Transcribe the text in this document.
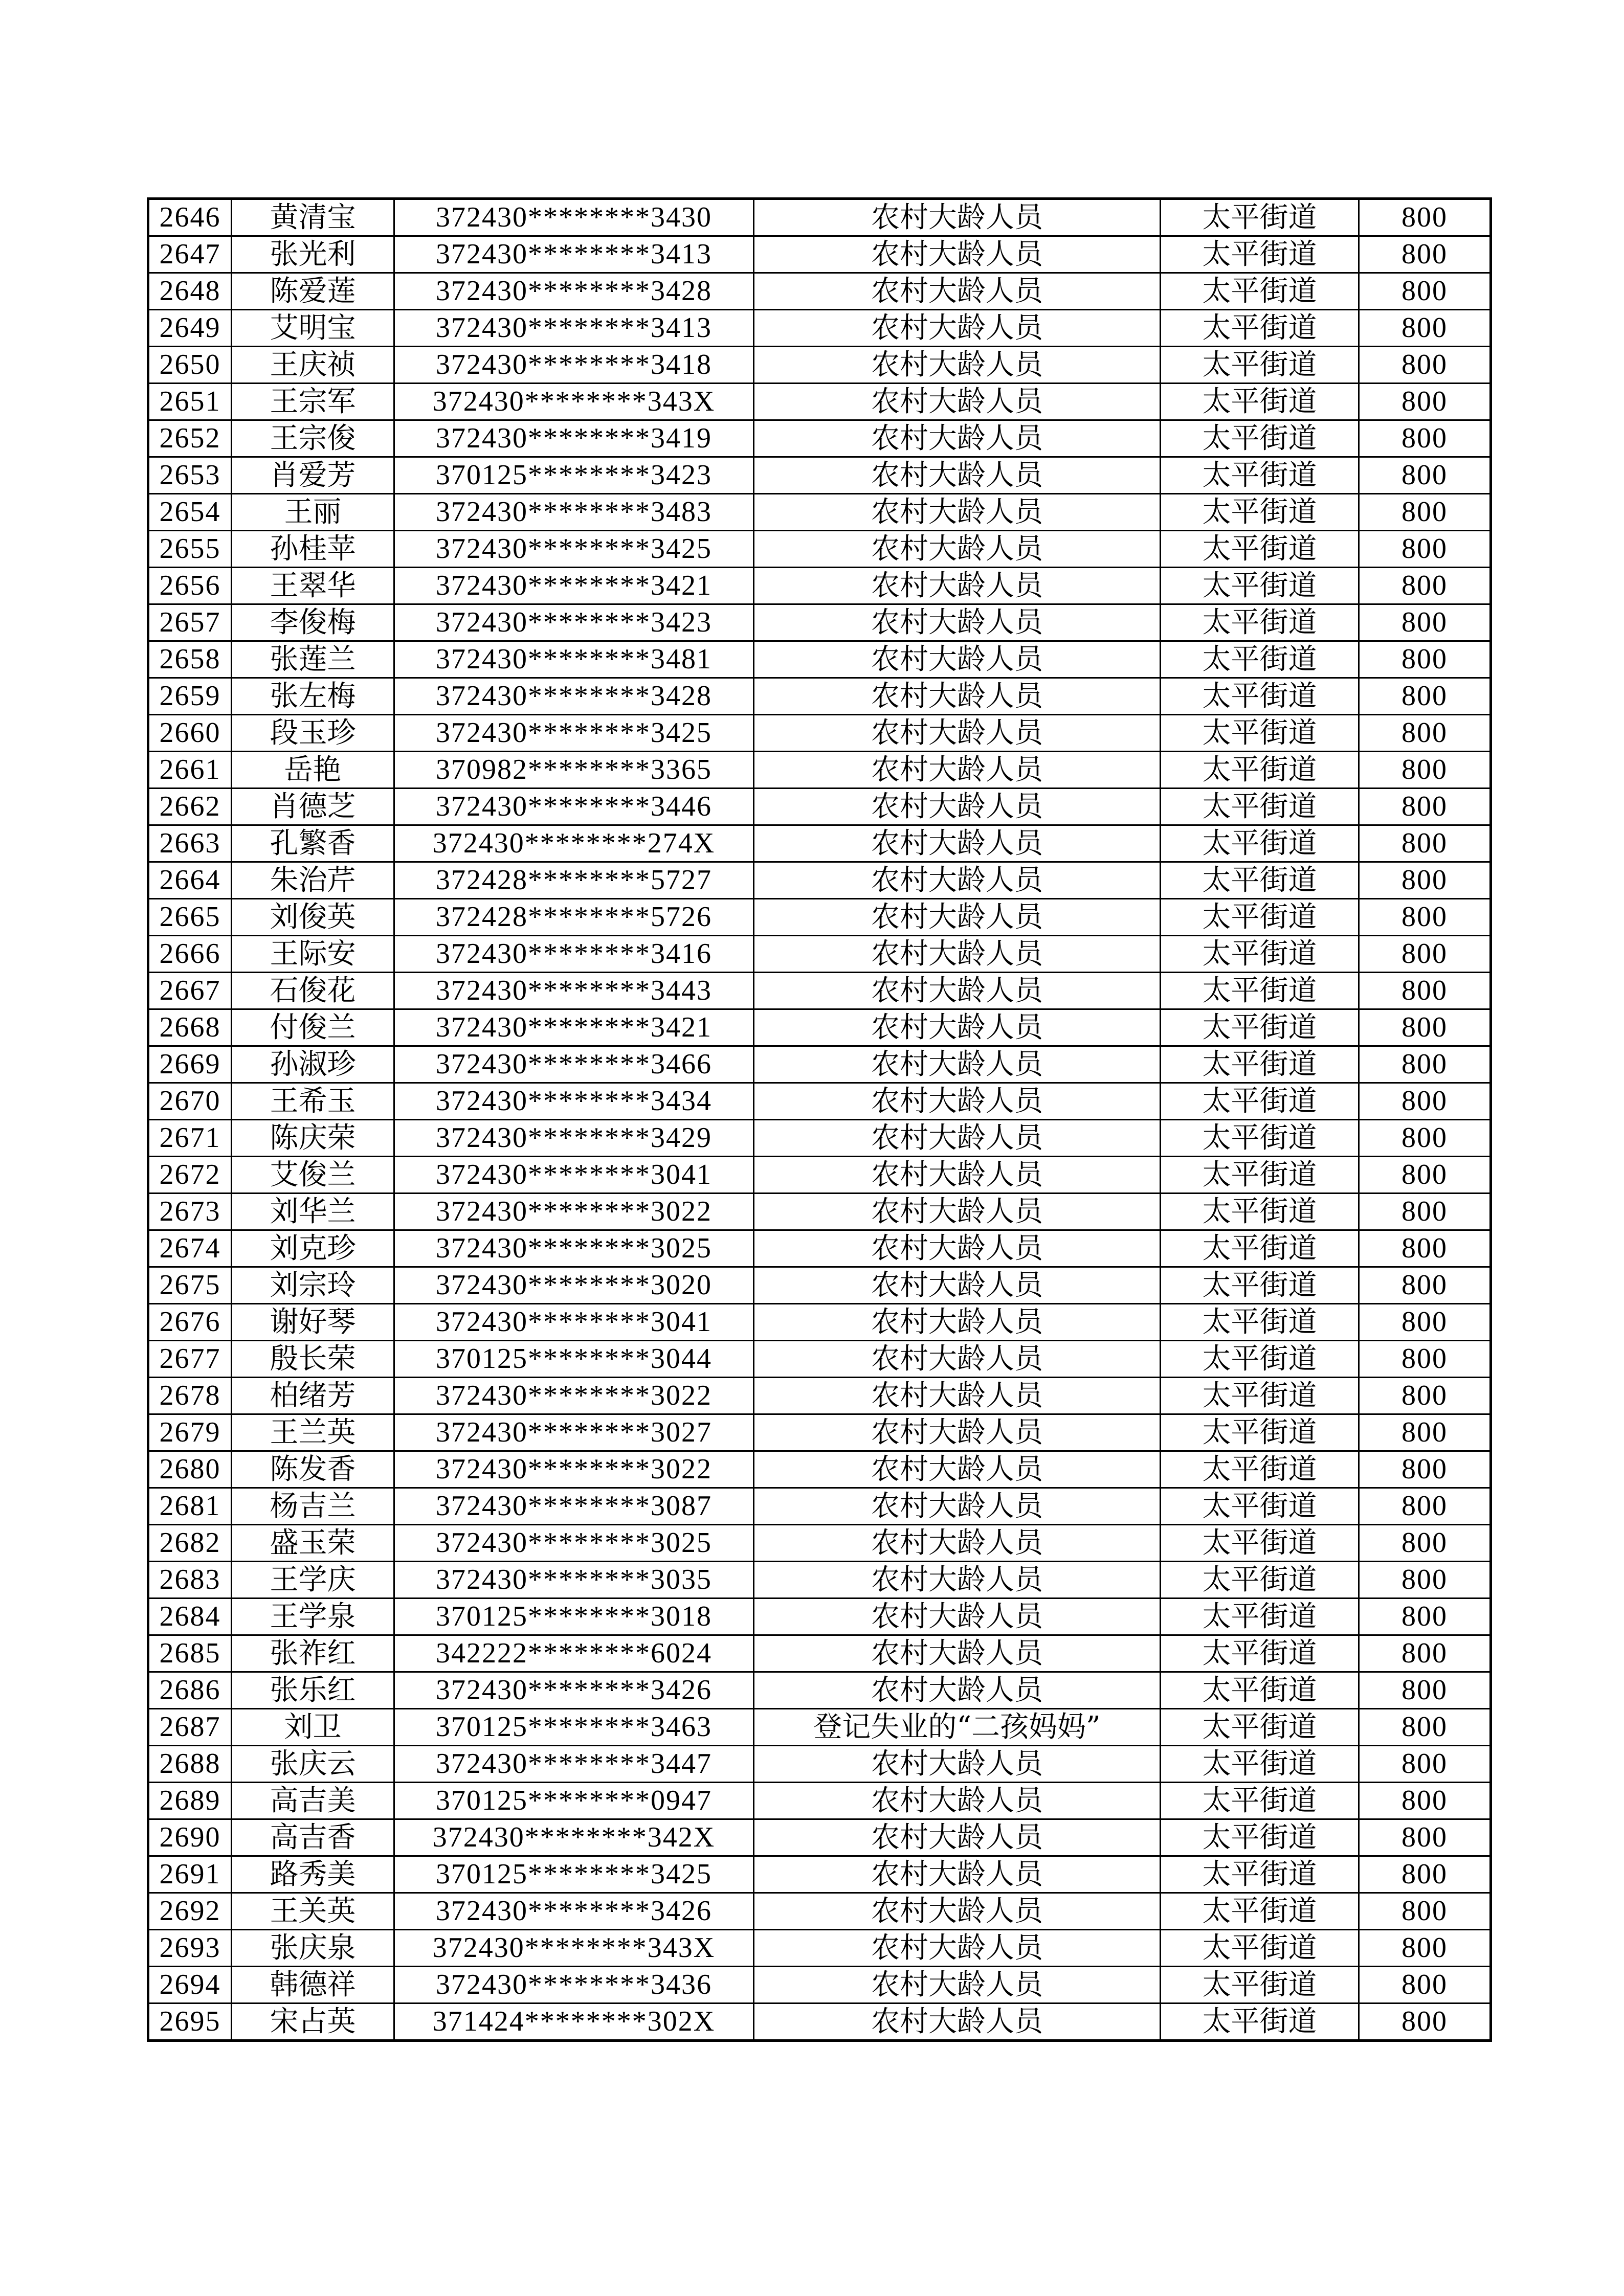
2646	黄清宝	372430********3430	农村大龄人员	太平街道	800
2647	张光利	372430********3413	农村大龄人员	太平街道	800
2648	陈爱莲	372430********3428	农村大龄人员	太平街道	800
2649	艾明宝	372430********3413	农村大龄人员	太平街道	800
2650	王庆祯	372430********3418	农村大龄人员	太平街道	800
2651	王宗军	372430********343X	农村大龄人员	太平街道	800
2652	王宗俊	372430********3419	农村大龄人员	太平街道	800
2653	肖爱芳	370125********3423	农村大龄人员	太平街道	800
2654	王丽	372430********3483	农村大龄人员	太平街道	800
2655	孙桂苹	372430********3425	农村大龄人员	太平街道	800
2656	王翠华	372430********3421	农村大龄人员	太平街道	800
2657	李俊梅	372430********3423	农村大龄人员	太平街道	800
2658	张莲兰	372430********3481	农村大龄人员	太平街道	800
2659	张左梅	372430********3428	农村大龄人员	太平街道	800
2660	段玉珍	372430********3425	农村大龄人员	太平街道	800
2661	岳艳	370982********3365	农村大龄人员	太平街道	800
2662	肖德芝	372430********3446	农村大龄人员	太平街道	800
2663	孔繁香	372430********274X	农村大龄人员	太平街道	800
2664	朱治芹	372428********5727	农村大龄人员	太平街道	800
2665	刘俊英	372428********5726	农村大龄人员	太平街道	800
2666	王际安	372430********3416	农村大龄人员	太平街道	800
2667	石俊花	372430********3443	农村大龄人员	太平街道	800
2668	付俊兰	372430********3421	农村大龄人员	太平街道	800
2669	孙淑珍	372430********3466	农村大龄人员	太平街道	800
2670	王希玉	372430********3434	农村大龄人员	太平街道	800
2671	陈庆荣	372430********3429	农村大龄人员	太平街道	800
2672	艾俊兰	372430********3041	农村大龄人员	太平街道	800
2673	刘华兰	372430********3022	农村大龄人员	太平街道	800
2674	刘克珍	372430********3025	农村大龄人员	太平街道	800
2675	刘宗玲	372430********3020	农村大龄人员	太平街道	800
2676	谢好琴	372430********3041	农村大龄人员	太平街道	800
2677	殷长荣	370125********3044	农村大龄人员	太平街道	800
2678	柏绪芳	372430********3022	农村大龄人员	太平街道	800
2679	王兰英	372430********3027	农村大龄人员	太平街道	800
2680	陈发香	372430********3022	农村大龄人员	太平街道	800
2681	杨吉兰	372430********3087	农村大龄人员	太平街道	800
2682	盛玉荣	372430********3025	农村大龄人员	太平街道	800
2683	王学庆	372430********3035	农村大龄人员	太平街道	800
2684	王学泉	370125********3018	农村大龄人员	太平街道	800
2685	张祚红	342222********6024	农村大龄人员	太平街道	800
2686	张乐红	372430********3426	农村大龄人员	太平街道	800
2687	刘卫	370125********3463	登记失业的“二孩妈妈”	太平街道	800
2688	张庆云	372430********3447	农村大龄人员	太平街道	800
2689	高吉美	370125********0947	农村大龄人员	太平街道	800
2690	高吉香	372430********342X	农村大龄人员	太平街道	800
2691	路秀美	370125********3425	农村大龄人员	太平街道	800
2692	王关英	372430********3426	农村大龄人员	太平街道	800
2693	张庆泉	372430********343X	农村大龄人员	太平街道	800
2694	韩德祥	372430********3436	农村大龄人员	太平街道	800
2695	宋占英	371424********302X	农村大龄人员	太平街道	800
